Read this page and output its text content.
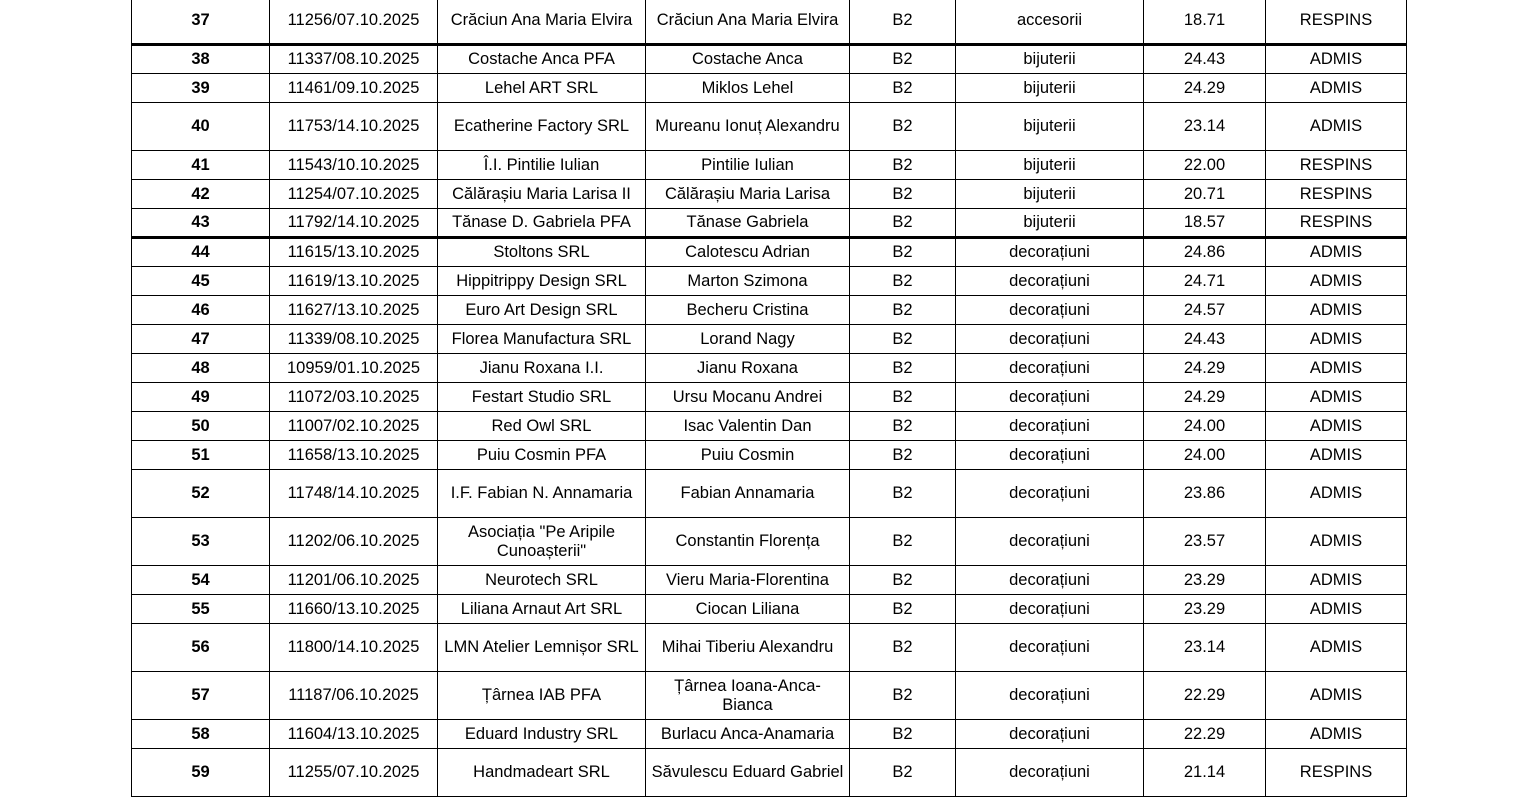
37	11256/07.10.2025	Crăciun Ana Maria Elvira	Crăciun Ana Maria Elvira	B2	accesorii	18.71	RESPINS
38	11337/08.10.2025	Costache Anca PFA	Costache Anca	B2	bijuterii	24.43	ADMIS
39	11461/09.10.2025	Lehel ART SRL	Miklos Lehel	B2	bijuterii	24.29	ADMIS
40	11753/14.10.2025	Ecatherine Factory SRL	Mureanu Ionuț Alexandru	B2	bijuterii	23.14	ADMIS
41	11543/10.10.2025	Î.I. Pintilie Iulian	Pintilie Iulian	B2	bijuterii	22.00	RESPINS
42	11254/07.10.2025	Călărașiu Maria Larisa II	Călărașiu Maria Larisa	B2	bijuterii	20.71	RESPINS
43	11792/14.10.2025	Tănase D. Gabriela PFA	Tănase Gabriela	B2	bijuterii	18.57	RESPINS
44	11615/13.10.2025	Stoltons SRL	Calotescu Adrian	B2	decorațiuni	24.86	ADMIS
45	11619/13.10.2025	Hippitrippy Design SRL	Marton Szimona	B2	decorațiuni	24.71	ADMIS
46	11627/13.10.2025	Euro Art Design SRL	Becheru Cristina	B2	decorațiuni	24.57	ADMIS
47	11339/08.10.2025	Florea Manufactura SRL	Lorand Nagy	B2	decorațiuni	24.43	ADMIS
48	10959/01.10.2025	Jianu Roxana I.I.	Jianu Roxana	B2	decorațiuni	24.29	ADMIS
49	11072/03.10.2025	Festart Studio SRL	Ursu Mocanu Andrei	B2	decorațiuni	24.29	ADMIS
50	11007/02.10.2025	Red Owl SRL	Isac Valentin Dan	B2	decorațiuni	24.00	ADMIS
51	11658/13.10.2025	Puiu Cosmin PFA	Puiu Cosmin	B2	decorațiuni	24.00	ADMIS
52	11748/14.10.2025	I.F. Fabian N. Annamaria	Fabian Annamaria	B2	decorațiuni	23.86	ADMIS
53	11202/06.10.2025	Asociația "Pe Aripile Cunoașterii"	Constantin Florența	B2	decorațiuni	23.57	ADMIS
54	11201/06.10.2025	Neurotech SRL	Vieru Maria-Florentina	B2	decorațiuni	23.29	ADMIS
55	11660/13.10.2025	Liliana Arnaut Art SRL	Ciocan Liliana	B2	decorațiuni	23.29	ADMIS
56	11800/14.10.2025	LMN Atelier Lemnișor SRL	Mihai Tiberiu Alexandru	B2	decorațiuni	23.14	ADMIS
57	11187/06.10.2025	Țârnea IAB PFA	Țârnea Ioana-Anca-Bianca	B2	decorațiuni	22.29	ADMIS
58	11604/13.10.2025	Eduard Industry SRL	Burlacu Anca-Anamaria	B2	decorațiuni	22.29	ADMIS
59	11255/07.10.2025	Handmadeart SRL	Săvulescu Eduard Gabriel	B2	decorațiuni	21.14	RESPINS
